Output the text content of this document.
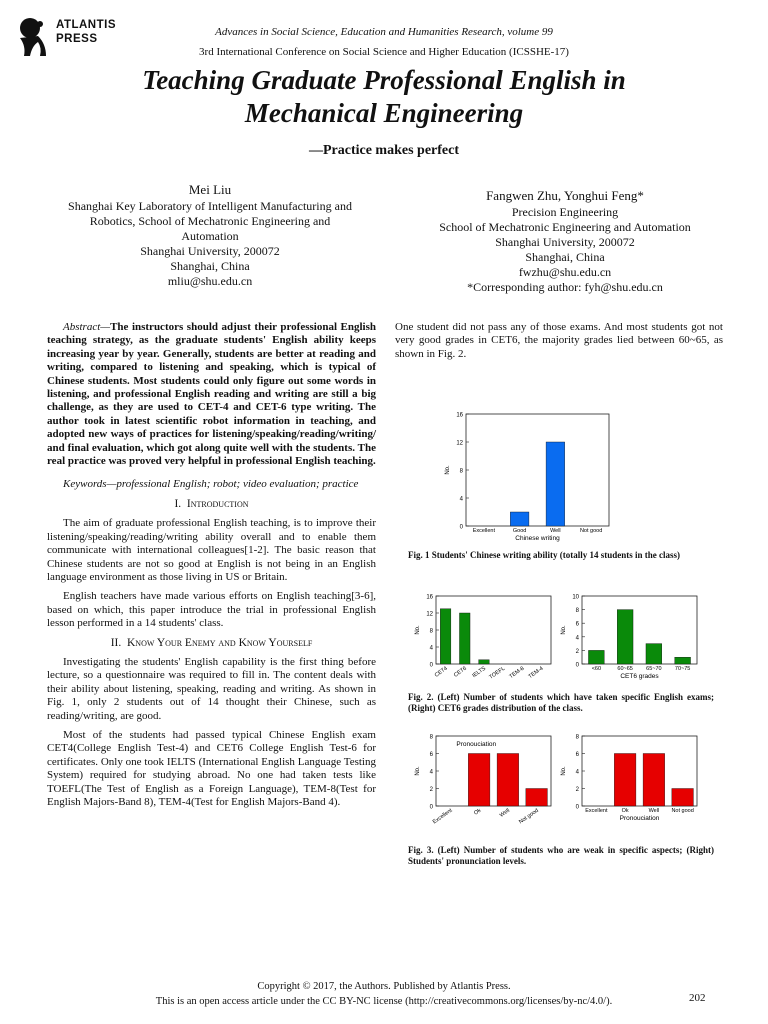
ATLANTIS
PRESS
Advances in Social Science, Education and Humanities Research, volume 99
3rd International Conference on Social Science and Higher Education (ICSSHE-17)
Teaching Graduate Professional English in
Mechanical Engineering
—Practice makes perfect
Mei Liu
Shanghai Key Laboratory of Intelligent Manufacturing and
Robotics, School of Mechatronic Engineering and
Automation
Shanghai University, 200072
Shanghai, China
mliu@shu.edu.cn
Fangwen Zhu, Yonghui Feng*
Precision Engineering
School of Mechatronic Engineering and Automation
Shanghai University, 200072
Shanghai, China
fwzhu@shu.edu.cn
*Corresponding author: fyh@shu.edu.cn

Abstract—The instructors should adjust their professional English teaching strategy, as the graduate students' English ability keeps increasing year by year. Generally, students are better at reading and writing, compared to listening and speaking, which is typical of Chinese students. Most students could only figure out some words in listening, and professional English reading and writing are still a big challenge, as they are used to CET-4 and CET-6 type writing. The author took in latest scientific robot information in teaching, and adopted new ways of practices for listening/speaking/reading/writing/ and final evaluation, which got along quite well with the students. The real practice was proved very helpful in professional English teaching.

Keywords—professional English; robot; video evaluation; practice

I. Introduction

The aim of graduate professional English teaching, is to improve their listening/speaking/reading/writing ability overall and to enable them communicate with international colleagues[1-2]. The basic reason that Chinese students are not so good at English is not being in an English language environment as those living in US or Britain.

English teachers have made various efforts on English teaching[3-6], based on which, this paper introduce the trial in professional English lesson performed in a 14 students' class.

II. Know Your Enemy and Know Yourself

Investigating the students' English capability is the first thing before lecture, so a questionnaire was required to fill in. The content deals with their ability about listening, speaking, reading and writing. As shown in Fig. 1, only 2 students out of 14 thought their Chinese, such as reading/writing, are good.

Most of the students had passed typical Chinese English exam CET4(College English Test-4) and CET6 College English Test-6 for certificates. Only one took IELTS (International English Language Testing System) required for studying abroad. No one had taken tests like TOEFL(The Test of English as a Foreign Language), TEM-8(Test for English Majors-Band 8), TEM-4(Test for English Majors-Band 4).

One student did not pass any of those exams. And most students got not very good grades in CET6, the majority grades lied between 60~65, as shown in Fig. 2.

0
4
8
12
16
No.
Excellent	Good	Well	Not good
Chinese writing
Fig. 1 Students' Chinese writing ability (totally 14 students in the class)
0
4
8
12
16
No.
CET4 CET6 IELTS TOEFL TEM-8 TEM-4
0
2
4
6
8
10
No.
<60	60~65 65~70 70~75
CET6 grades
Fig. 2. (Left) Number of students which have taken specific English exams; (Right) CET6 grades distribution of the class.
0
2
4
6
8
No.
Excellent	Ok	Well Not good
Pronouciation
0
2
4
6
8
No.
Excellent	Ok	Well Not good
Pronouciation
Fig. 3. (Left) Number of students who are weak in specific aspects; (Right) Students' pronunciation levels.
Copyright © 2017, the Authors. Published by Atlantis Press.
This is an open access article under the CC BY-NC license (http://creativecommons.org/licenses/by-nc/4.0/).	202
